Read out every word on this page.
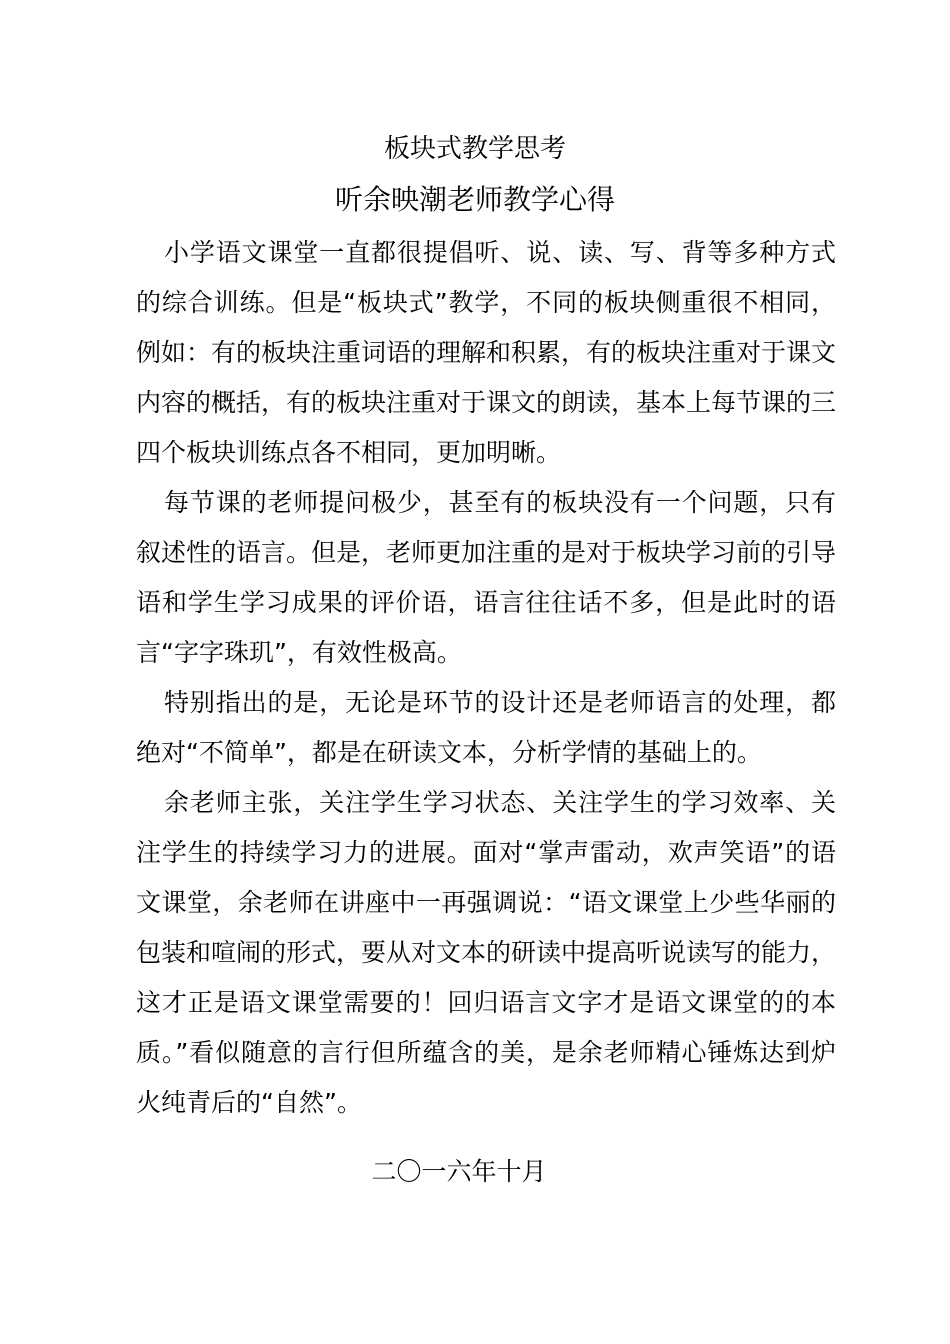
板块式教学思考
听余映潮老师教学心得

小学语文课堂一直都很提倡听、说、读、写、背等多种方式的综合训练。但是“板块式”教学，不同的板块侧重很不相同，例如：有的板块注重词语的理解和积累，有的板块注重对于课文内容的概括，有的板块注重对于课文的朗读，基本上每节课的三四个板块训练点各不相同，更加明晰。

每节课的老师提问极少，甚至有的板块没有一个问题，只有叙述性的语言。但是，老师更加注重的是对于板块学习前的引导语和学生学习成果的评价语，语言往往话不多，但是此时的语言“字字珠玑”，有效性极高。

特别指出的是，无论是环节的设计还是老师语言的处理，都绝对“不简单”，都是在研读文本，分析学情的基础上的。

余老师主张，关注学生学习状态、关注学生的学习效率、关注学生的持续学习力的进展。面对“掌声雷动，欢声笑语”的语文课堂，余老师在讲座中一再强调说：“语文课堂上少些华丽的包装和喧闹的形式，要从对文本的研读中提高听说读写的能力，这才正是语文课堂需要的！回归语言文字才是语文课堂的的本质。”看似随意的言行但所蕴含的美，是余老师精心锤炼达到炉火纯青后的“自然”。

二〇一六年十月
